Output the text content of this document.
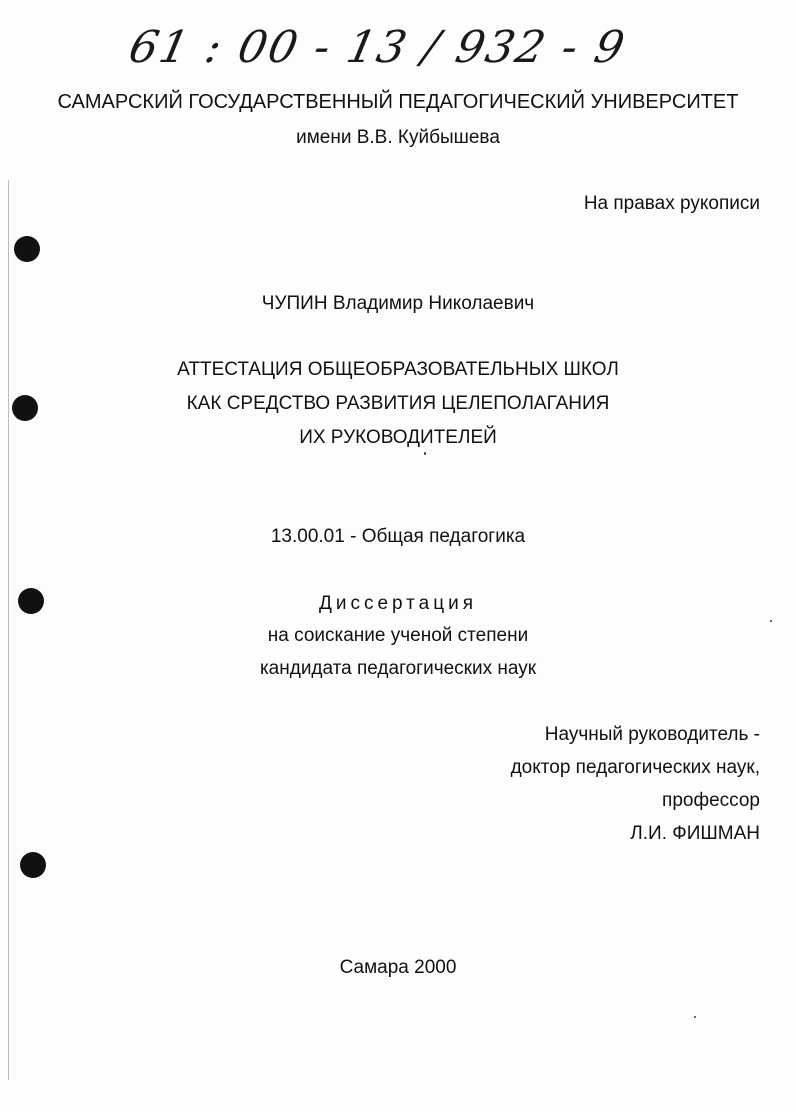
61 : 00 - 13 / 932 - 9
САМАРСКИЙ ГОСУДАРСТВЕННЫЙ ПЕДАГОГИЧЕСКИЙ УНИВЕРСИТЕТ
имени В.В. Куйбышева
На правах рукописи
ЧУПИН Владимир Николаевич
АТТЕСТАЦИЯ ОБЩЕОБРАЗОВАТЕЛЬНЫХ ШКОЛ
КАК СРЕДСТВО РАЗВИТИЯ ЦЕЛЕПОЛАГАНИЯ
ИХ РУКОВОДИТЕЛЕЙ
13.00.01 - Общая педагогика
Диссертация
на соискание ученой степени
кандидата педагогических наук
Научный руководитель -
доктор педагогических наук,
профессор
Л.И. ФИШМАН
Самара 2000
